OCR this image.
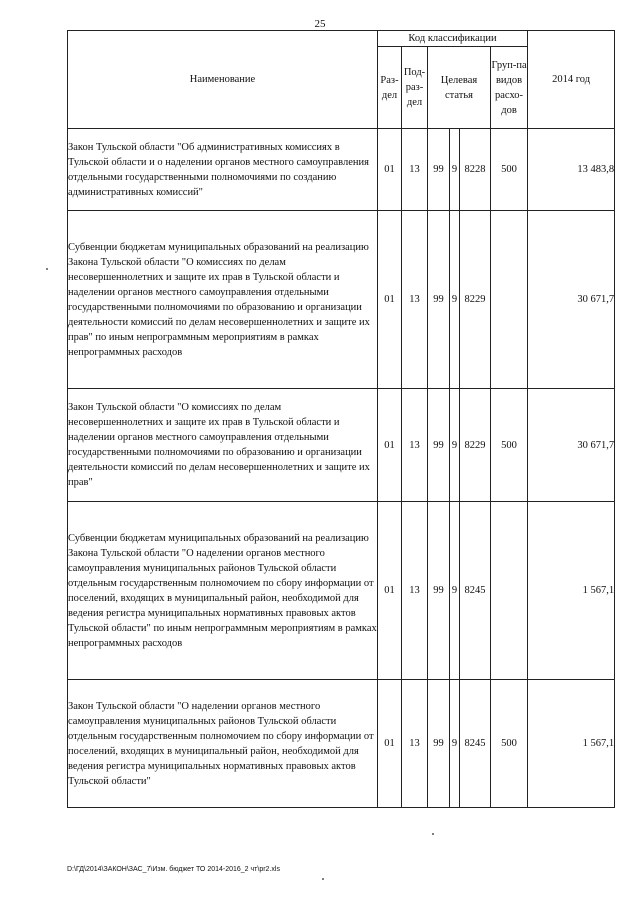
25
Наименование	Код классификации						2014 год
	Раз-дел	Под-раз-дел	Целевая статья			Груп-па видов расхо-дов	
Закон Тульской области "Об административных комиссиях в Тульской области и о наделении органов местного самоуправления отдельными государственными полномочиями по созданию административных комиссий"	01	13	99	9	8228	500	13 483,8
Субвенции бюджетам муниципальных образований на реализацию Закона Тульской области "О комиссиях по делам несовершеннолетних и защите их прав в Тульской области и наделении органов местного самоуправления отдельными государственными полномочиями по образованию и организации деятельности комиссий по делам несовершеннолетних и защите их прав" по иным непрограммным мероприятиям в рамках непрограммных расходов	01	13	99	9	8229		30 671,7
Закон Тульской области "О комиссиях по делам несовершеннолетних и защите их прав в Тульской области и наделении органов местного самоуправления отдельными государственными полномочиями по образованию и организации деятельности комиссий по делам несовершеннолетних и защите их прав"	01	13	99	9	8229	500	30 671,7
Субвенции бюджетам муниципальных образований на реализацию Закона Тульской области "О наделении органов местного самоуправления муниципальных районов Тульской области отдельным государственным полномочием по сбору информации от поселений, входящих в муниципальный район, необходимой для ведения регистра муниципальных нормативных правовых актов Тульской области" по иным непрограммным мероприятиям в рамках непрограммных расходов	01	13	99	9	8245		1 567,1
Закон Тульской области "О наделении органов местного самоуправления муниципальных районов Тульской области отдельным государственным полномочием по сбору информации от поселений, входящих в муниципальный район, необходимой для ведения регистра муниципальных нормативных правовых актов Тульской области"	01	13	99	9	8245	500	1 567,1
D:\ГД\2014\ЗАКОН\ЗАС_7\Изм. бюджет ТО 2014-2016_2 чт\pr2.xls
